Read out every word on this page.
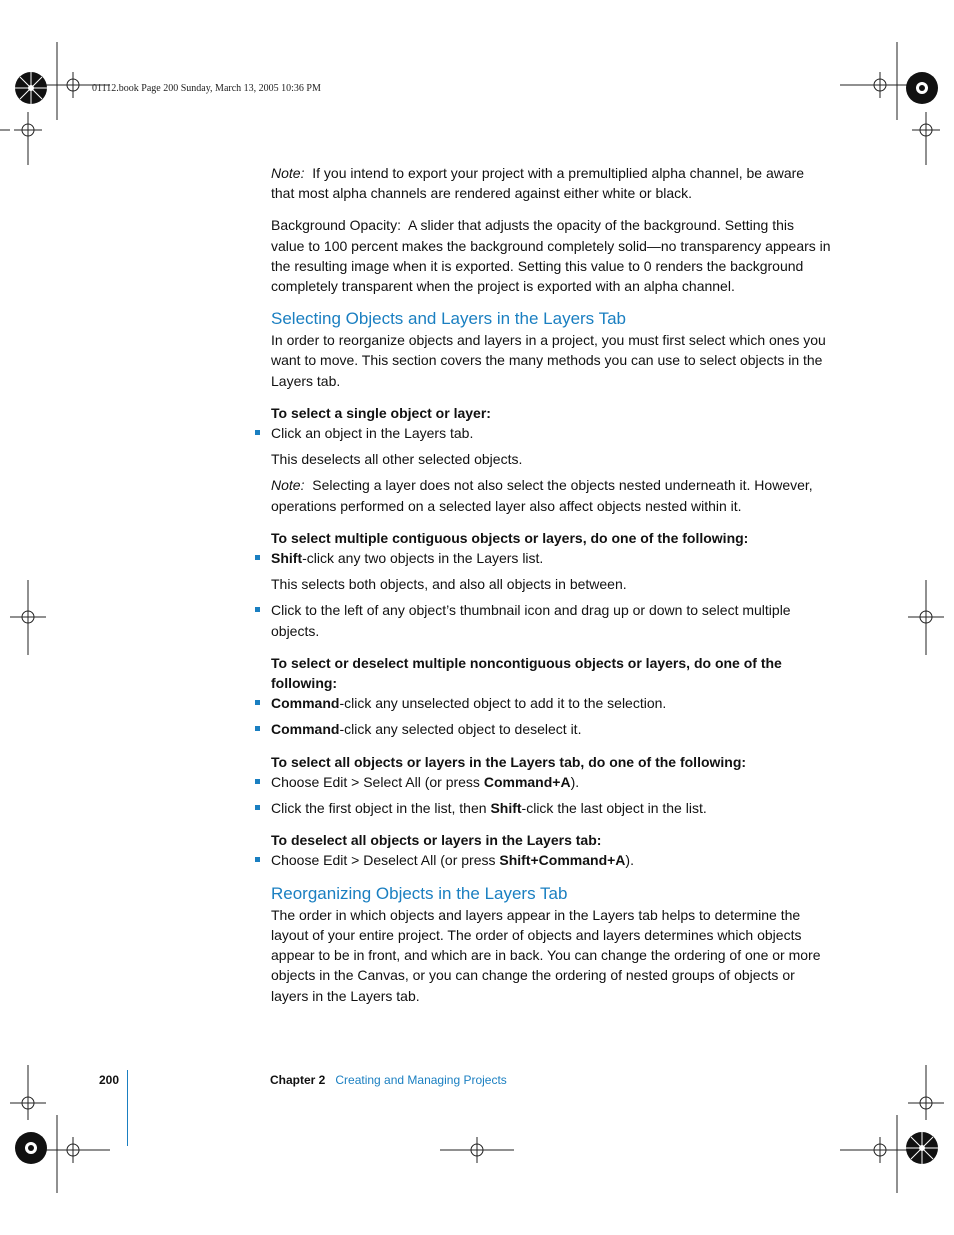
01112.book Page 200 Sunday, March 13, 2005 10:36 PM

Note: If you intend to export your project with a premultiplied alpha channel, be aware that most alpha channels are rendered against either white or black.

Background Opacity: A slider that adjusts the opacity of the background. Setting this value to 100 percent makes the background completely solid—no transparency appears in the resulting image when it is exported. Setting this value to 0 renders the background completely transparent when the project is exported with an alpha channel.

Selecting Objects and Layers in the Layers Tab

In order to reorganize objects and layers in a project, you must first select which ones you want to move. This section covers the many methods you can use to select objects in the Layers tab.

To select a single object or layer:

Click an object in the Layers tab.

This deselects all other selected objects.

Note: Selecting a layer does not also select the objects nested underneath it. However, operations performed on a selected layer also affect objects nested within it.

To select multiple contiguous objects or layers, do one of the following:

Shift-click any two objects in the Layers list.

This selects both objects, and also all objects in between.

Click to the left of any object’s thumbnail icon and drag up or down to select multiple objects.

To select or deselect multiple noncontiguous objects or layers, do one of the following:

Command-click any unselected object to add it to the selection.

Command-click any selected object to deselect it.

To select all objects or layers in the Layers tab, do one of the following:

Choose Edit > Select All (or press Command+A).

Click the first object in the list, then Shift-click the last object in the list.

To deselect all objects or layers in the Layers tab:

Choose Edit > Deselect All (or press Shift+Command+A).

Reorganizing Objects in the Layers Tab

The order in which objects and layers appear in the Layers tab helps to determine the layout of your entire project. The order of objects and layers determines which objects appear to be in front, and which are in back. You can change the ordering of one or more objects in the Canvas, or you can change the ordering of nested groups of objects or layers in the Layers tab.

200	Chapter 2 Creating and Managing Projects
